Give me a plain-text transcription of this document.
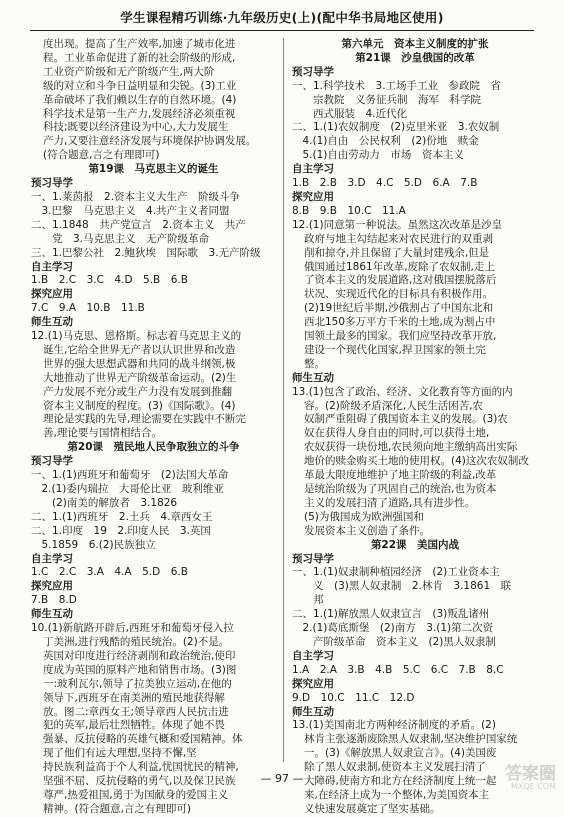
学生课程精巧训练·九年级历史(上)(配中华书局地区使用)
度出现。提高了生产效率,加速了城市化进
程。工业革命促进了新的社会阶级的形成,
工业资产阶级和无产阶级产生,两大阶
级的对立和斗争日益明显和尖锐。(3)工业
革命破坏了我们赖以生存的自然环境。(4)
科学技术是第一生产力,发展经济必须重视
科技;既要以经济建设为中心,大力发展生
产力,又要注意经济发展与环境保护协调发展。
(符合题意,言之有理即可)
第19课　马克思主义的诞生
预习导学
一、1.莱茵报　2.资本主义大生产　阶级斗争
　3.巴黎　马克思主义　4.共产主义者同盟
二、1.1848　共产党宣言　2.资本主义　共产
　　党　3.马克思主义　无产阶级革命
三、1.巴黎公社　2.鲍狄埃　国际歌　3.无产阶级
自主学习
1.B　2.C　3.C　4.D　5.B　6.B
探究应用
7.C　9.A　10.B　11.B
师生互动
12.(1)马克思、恩格斯。标志着马克思主义的
诞生,它给全世界无产者以认识世界和改造
世界的强大思想武器和共同的战斗纲领,极
大地推动了世界无产阶级革命运动。(2)生
产力发展不充分或生产力没有发展到推翻
资本主义制度的程度。(3)《国际歌》。(4)
理论是实践的先导,理论需要在实践中不断完
善,理论要与国情相结合。
第20课　殖民地人民争取独立的斗争
预习导学
一、1.(1)西班牙和葡萄牙　(2)法国大革命
　2.(1)委内瑞拉　大哥伦比亚　玻利维亚
　　(2)南美的解放者　3.1826
二、1.(1)西班牙　2.土兵　4.章西女王
二、1.印度　19　2.印度人民　3.英国
　5.1859　6.(2)民族独立
自主学习
1.C　2.C　3.A　4.A　5.D　6.B
探究应用
7.B　8.D
师生互动
10.(1)新航路开辟后,西班牙和葡萄牙侵入拉
丁美洲,进行残酷的殖民统治。(2)不是。
英国对印度进行经济剥削和政治统治,使印
度成为英国的原料产地和销售市场。(3)图
一:玻利瓦尔,领导了拉美独立运动,在他的
领导下,西班牙在南美洲的殖民地获得解
放。图二:章西女王;领导章西人民抗击进
犯的英军,最后壮烈牺牲。体现了她不畏
强暴、反抗侵略的英雄气概和爱国精神。体
现了他们有远大理想,坚持不懈,坚
持民族利益高于个人利益,忧国忧民的精神,
坚强不屈、反抗侵略的勇气,以及保卫民族
尊严,热爱祖国,勇于为国献身的爱国主义
精神。(符合题意,言之有理即可)
第六单元　资本主义制度的扩张
第21课　沙皇俄国的改革
预习导学
一、1.科学技术　3.工场手工业　参政院　省
　　宗教院　义务征兵制　海军　科学院
　　西式服装　4.近代化
二、1.(1)农奴制度　(2)克里米亚　3.农奴制
　4.(1)自由　公民权利　(2)份地　赎金
　5.(1)自由劳动力　市场　资本主义
自主学习
1.B　2.B　3.D　4.C　5.D　6.A　7.B
探究应用
8.B　9.B　10.C　11.A
12.(1)同意第一种说法。虽然这次改革是沙皇
政府与地主勾结起来对农民进行的双重剥
削和掠夺,并且保留了大量封建残余,但是
俄国通过1861年改革,废除了农奴制,走上
了资本主义的发展道路,这对俄国摆脱落后
状况、实现近代化的目标具有积极作用。
(2)19世纪后半期,沙俄割占了中国东北和
西北150多万平方千米的土地,成为割占中
国领土最多的国家。我们应坚持改革开放,
建设一个现代化国家,捍卫国家的领土完
整。
师生互动
13.(1)包含了政治、经济、文化教育等方面的内
容。(2)阶级矛盾深化,人民生活困苦,农
奴制严重阻碍了俄国资本主义的发展。(3)农
奴在获得人身自由的同时,可以获得土地,
农奴获得一块份地,农民须向地主缴纳高出实际
地价的赎金购买土地的使用权。(4)这次农奴制改
革最大限度地维护了地主阶级的利益,改革
是统治阶级为了巩固自己的统治,也为资本
主义的发展扫清了道路,具有进步性。
(5)为俄国成为欧洲强国和
发展资本主义创造了条件。
第22课　美国内战
预习导学
一、1.(1)奴隶制种植园经济　(2)工业资本主
　　义　(3)黑人奴隶制　2.林肯　3.1861　联
　　邦
二、1.(1)解放黑人奴隶宣言　(3)叛乱诸州
　2.(1)葛底斯堡　(2)南方　3.(1)第二次资
　　产阶级革命　资本主义　(2)黑人奴隶制
自主学习
1.A　2.A　3.B　4.B　5.C　6.C　7.B　8.C
探究应用
9.D　10.C　11.C　12.D
师生互动
13.(1)美国南北方两种经济制度的矛盾。(2)
林肯主张逐渐废除黑人奴隶制,坚决维护国家统
一。(3)《解放黑人奴隶宣言》。(4)美国废
除了黑人奴隶制,使资本主义发展扫清了
大障碍,使南方和北方在经济制度上统一起
来,在经济上成为一个整体,为美国资本主
义快速发展奠定了坚实基础。
— 97 —	答案圈
MXQE.COM
